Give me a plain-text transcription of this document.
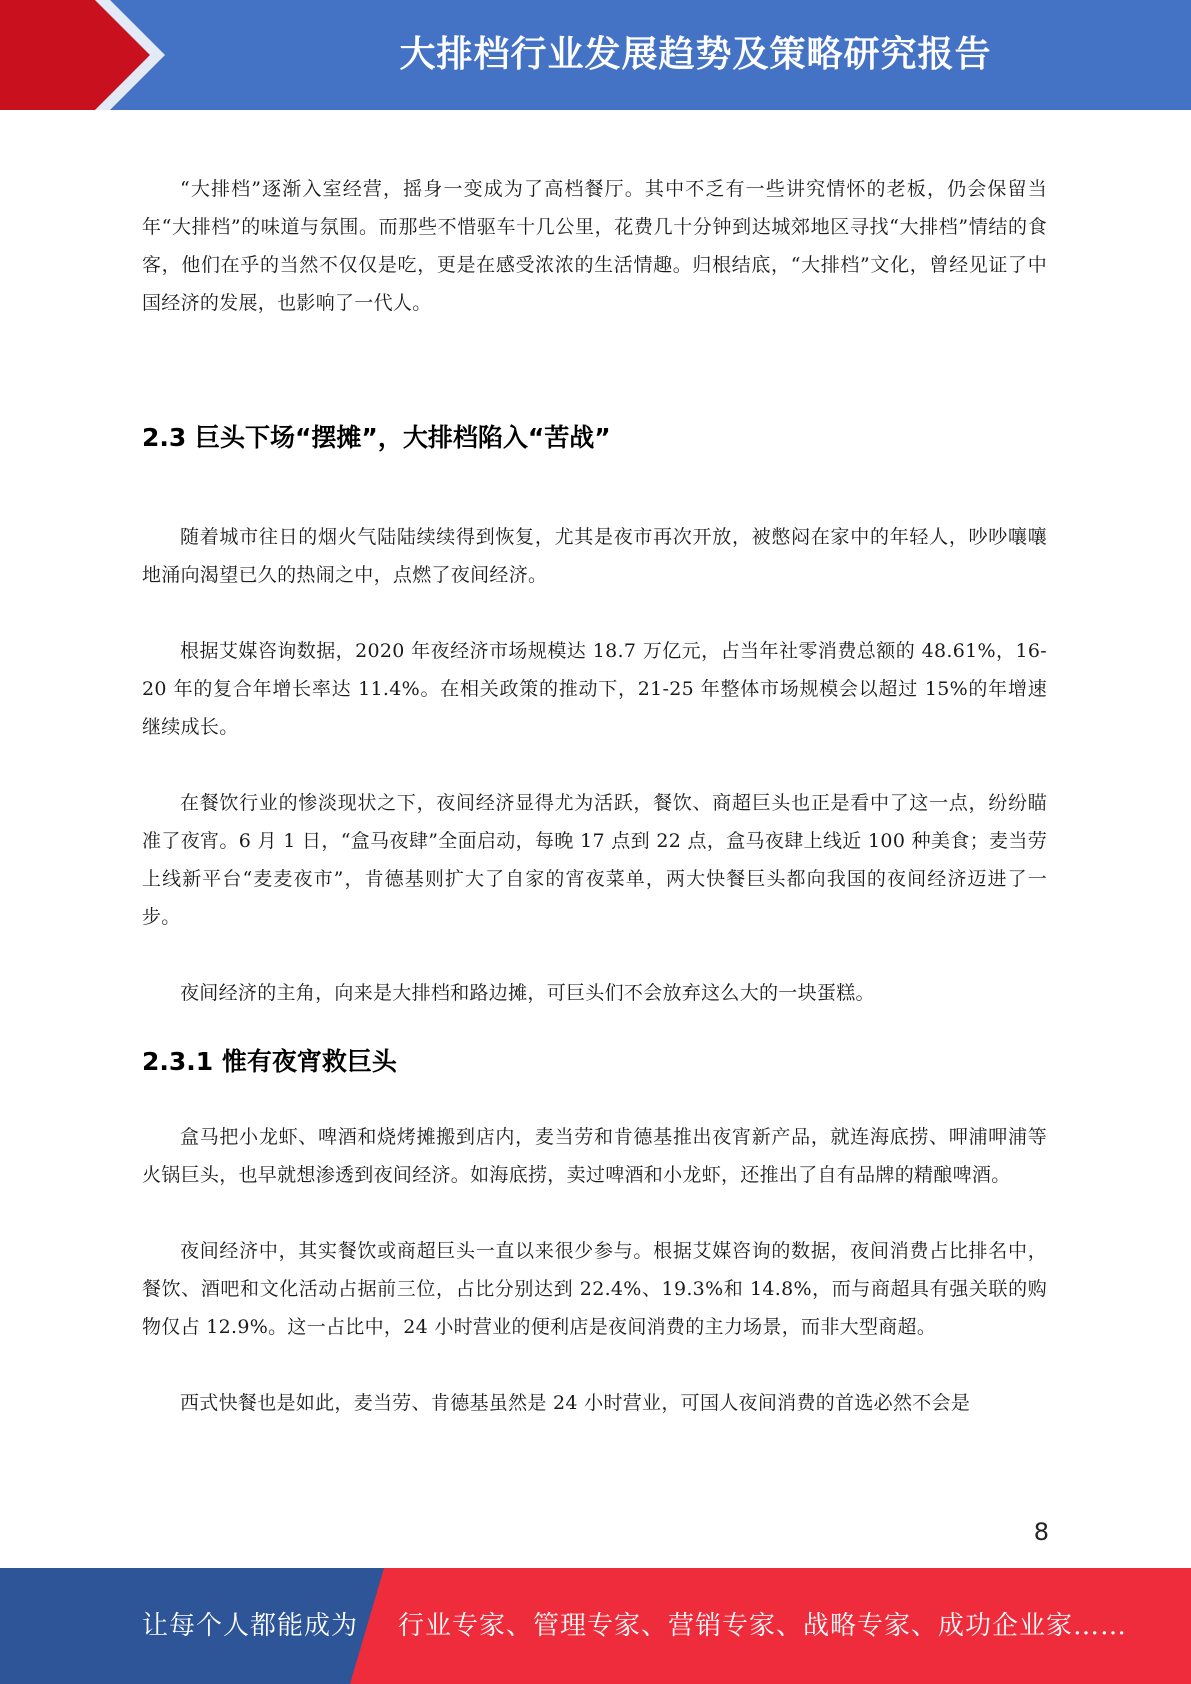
大排档行业发展趋势及策略研究报告

“大排档”逐渐入室经营，摇身一变成为了高档餐厅。其中不乏有一些讲究情怀的老板，仍会保留当年“大排档”的味道与氛围。而那些不惜驱车十几公里，花费几十分钟到达城郊地区寻找“大排档”情结的食客，他们在乎的当然不仅仅是吃，更是在感受浓浓的生活情趣。归根结底，“大排档”文化，曾经见证了中国经济的发展，也影响了一代人。

2.3 巨头下场“摆摊”，大排档陷入“苦战”

随着城市往日的烟火气陆陆续续得到恢复，尤其是夜市再次开放，被憋闷在家中的年轻人，吵吵嚷嚷地涌向渴望已久的热闹之中，点燃了夜间经济。

根据艾媒咨询数据，2020 年夜经济市场规模达 18.7 万亿元，占当年社零消费总额的 48.61%，16-20 年的复合年增长率达 11.4%。在相关政策的推动下，21-25 年整体市场规模会以超过 15%的年增速继续成长。

在餐饮行业的惨淡现状之下，夜间经济显得尤为活跃，餐饮、商超巨头也正是看中了这一点，纷纷瞄准了夜宵。6 月 1 日，“盒马夜肆”全面启动，每晚 17 点到 22 点，盒马夜肆上线近 100 种美食；麦当劳上线新平台“麦麦夜市”，肯德基则扩大了自家的宵夜菜单，两大快餐巨头都向我国的夜间经济迈进了一步。

夜间经济的主角，向来是大排档和路边摊，可巨头们不会放弃这么大的一块蛋糕。

2.3.1 惟有夜宵救巨头

盒马把小龙虾、啤酒和烧烤摊搬到店内，麦当劳和肯德基推出夜宵新产品，就连海底捞、呷浦呷浦等火锅巨头，也早就想渗透到夜间经济。如海底捞，卖过啤酒和小龙虾，还推出了自有品牌的精酿啤酒。

夜间经济中，其实餐饮或商超巨头一直以来很少参与。根据艾媒咨询的数据，夜间消费占比排名中，餐饮、酒吧和文化活动占据前三位，占比分别达到 22.4%、19.3%和 14.8%，而与商超具有强关联的购物仅占 12.9%。这一占比中，24 小时营业的便利店是夜间消费的主力场景，而非大型商超。

西式快餐也是如此，麦当劳、肯德基虽然是 24 小时营业，可国人夜间消费的首选必然不会是

8
让每个人都能成为 行业专家、管理专家、营销专家、战略专家、成功企业家……
